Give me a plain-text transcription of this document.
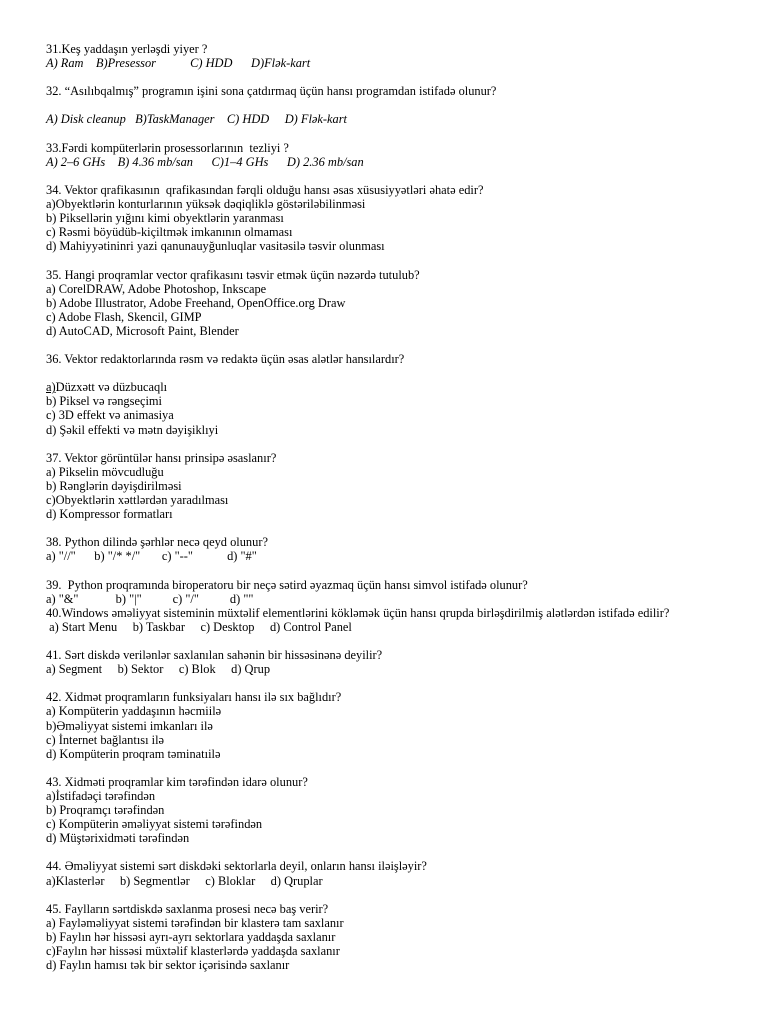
31.Keş yaddaşın yerləşdi yiyer ?
A) Ram    B)Presessor           C) HDD      D)Flək-kart
32. “Asılıbqalmış” programın işini sona çatdırmaq üçün hansı programdan istifadə olunur?
A) Disk cleanup   B)TaskManager    C) HDD     D) Flək-kart
33.Fərdi kompüterlərin prosessorlarının  tezliyi ?
A) 2–6 GHs    B) 4.36 mb/san      C)1–4 GHs      D) 2.36 mb/san
34. Vektor qrafikasının  qrafikasından fərqli olduğu hansı əsas xüsusiyyətləri əhatə edir?
a)Obyektlərin konturlarının yüksək dəqiqliklə göstərilə​bilinməsi
b) Piksellərin yığını kimi obyektlərin yaranması
c) Rəsmi böyüdüb-kiçiltmək imkanının olmaması
d) Mahiyyətininri yazi qanunauyğunluqlar vasitəsilə təsvir olunması
35. Hangi proqramlar vector qrafikasını təsvir etmək üçün nəzərdə tutulub?
a) CorelDRAW, Adobe Photoshop, Inkscape
b) Adobe Illustrator, Adobe Freehand, OpenOffice.org Draw
c) Adobe Flash, Skencil, GIMP
d) AutoCAD, Microsoft Paint, Blender
36. Vektor redaktorlarında rəsm və redaktə üçün əsas alətlər hansılardır?
a)Düzxətt və düzbucaqlı
b) Piksel və rəngseçimi
c) 3D effekt və animasiya
d) Şəkil effekti və mətn dəyişiklıyi
37. Vektor görüntülər hansı prinsipə əsaslanır?
a) Pikselin mövcudluğu
b) Rənglərin dəyişdirilməsi
c)Obyektlərin xəttlərdən yaradılması
d) Kompressor formatları
38. Python dilində şərhlər necə qeyd olunur?
a) "//"      b) "/* */"       c) "--"           d) "#"
39.  Python proqramında biroperatoru bir neçə sətird əyazmaq üçün hansı simvol istifadə olunur?
a) "&"            b) "|"          c) "/"          d) ""
40.Windows əməliyyat sisteminin müxtəlif elementlərini kökləmək üçün hansı qrupda birləşdirilmiş alətlərdən istifadə edilir?
a) Start Menu     b) Taskbar     c) Desktop     d) Control Panel
41. Sərt diskdə verilənlər saxlanılan sahənin bir hissəsinənə deyilir?
a) Segment     b) Sektor     c) Blok     d) Qrup
42. Xidmət proqramların funksiyaları hansı ilə sıx bağlıdır?
a) Kompüterin yaddaşının həcmiilə
b)Əməliyyat sistemi imkanları ilə
c) İnternet bağlantısı ilə
d) Kompüterin proqram təminatıilə
43. Xidməti proqramlar kim tərəfindən idarə olunur?
a)İstifadəçi tərəfindən
b) Proqramçı tərəfindən
c) Kompüterin əməliyyat sistemi tərəfindən
d) Müştərixidməti tərəfindən
44. Əməliyyat sistemi sərt diskdəki sektorlarla deyil, onların hansı iləişləyir?
a)Klasterlər     b) Segmentlər     c) Bloklar     d) Qruplar
45. Faylların sərtdiskdə saxlanma prosesi necə baş verir?
a) Fayləməliyyat sistemi tərəfindən bir klasterə tam saxlanır
b) Faylın hər hissəsi ayrı-ayrı sektorlara yaddaşda saxlanır
c)Faylın hər hissəsi müxtəlif klasterlərdə yaddaşda saxlanır
d) Faylın hamısı tək bir sektor içərisində saxlanır
